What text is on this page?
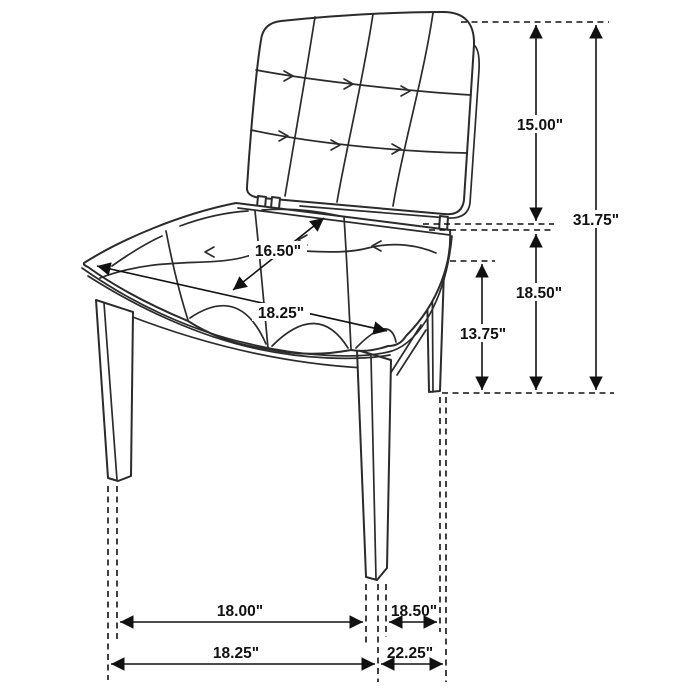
15.00"
31.75"
18.50"
13.75"
16.50"
18.25"
18.00"	18.50"
18.25"	22.25"
